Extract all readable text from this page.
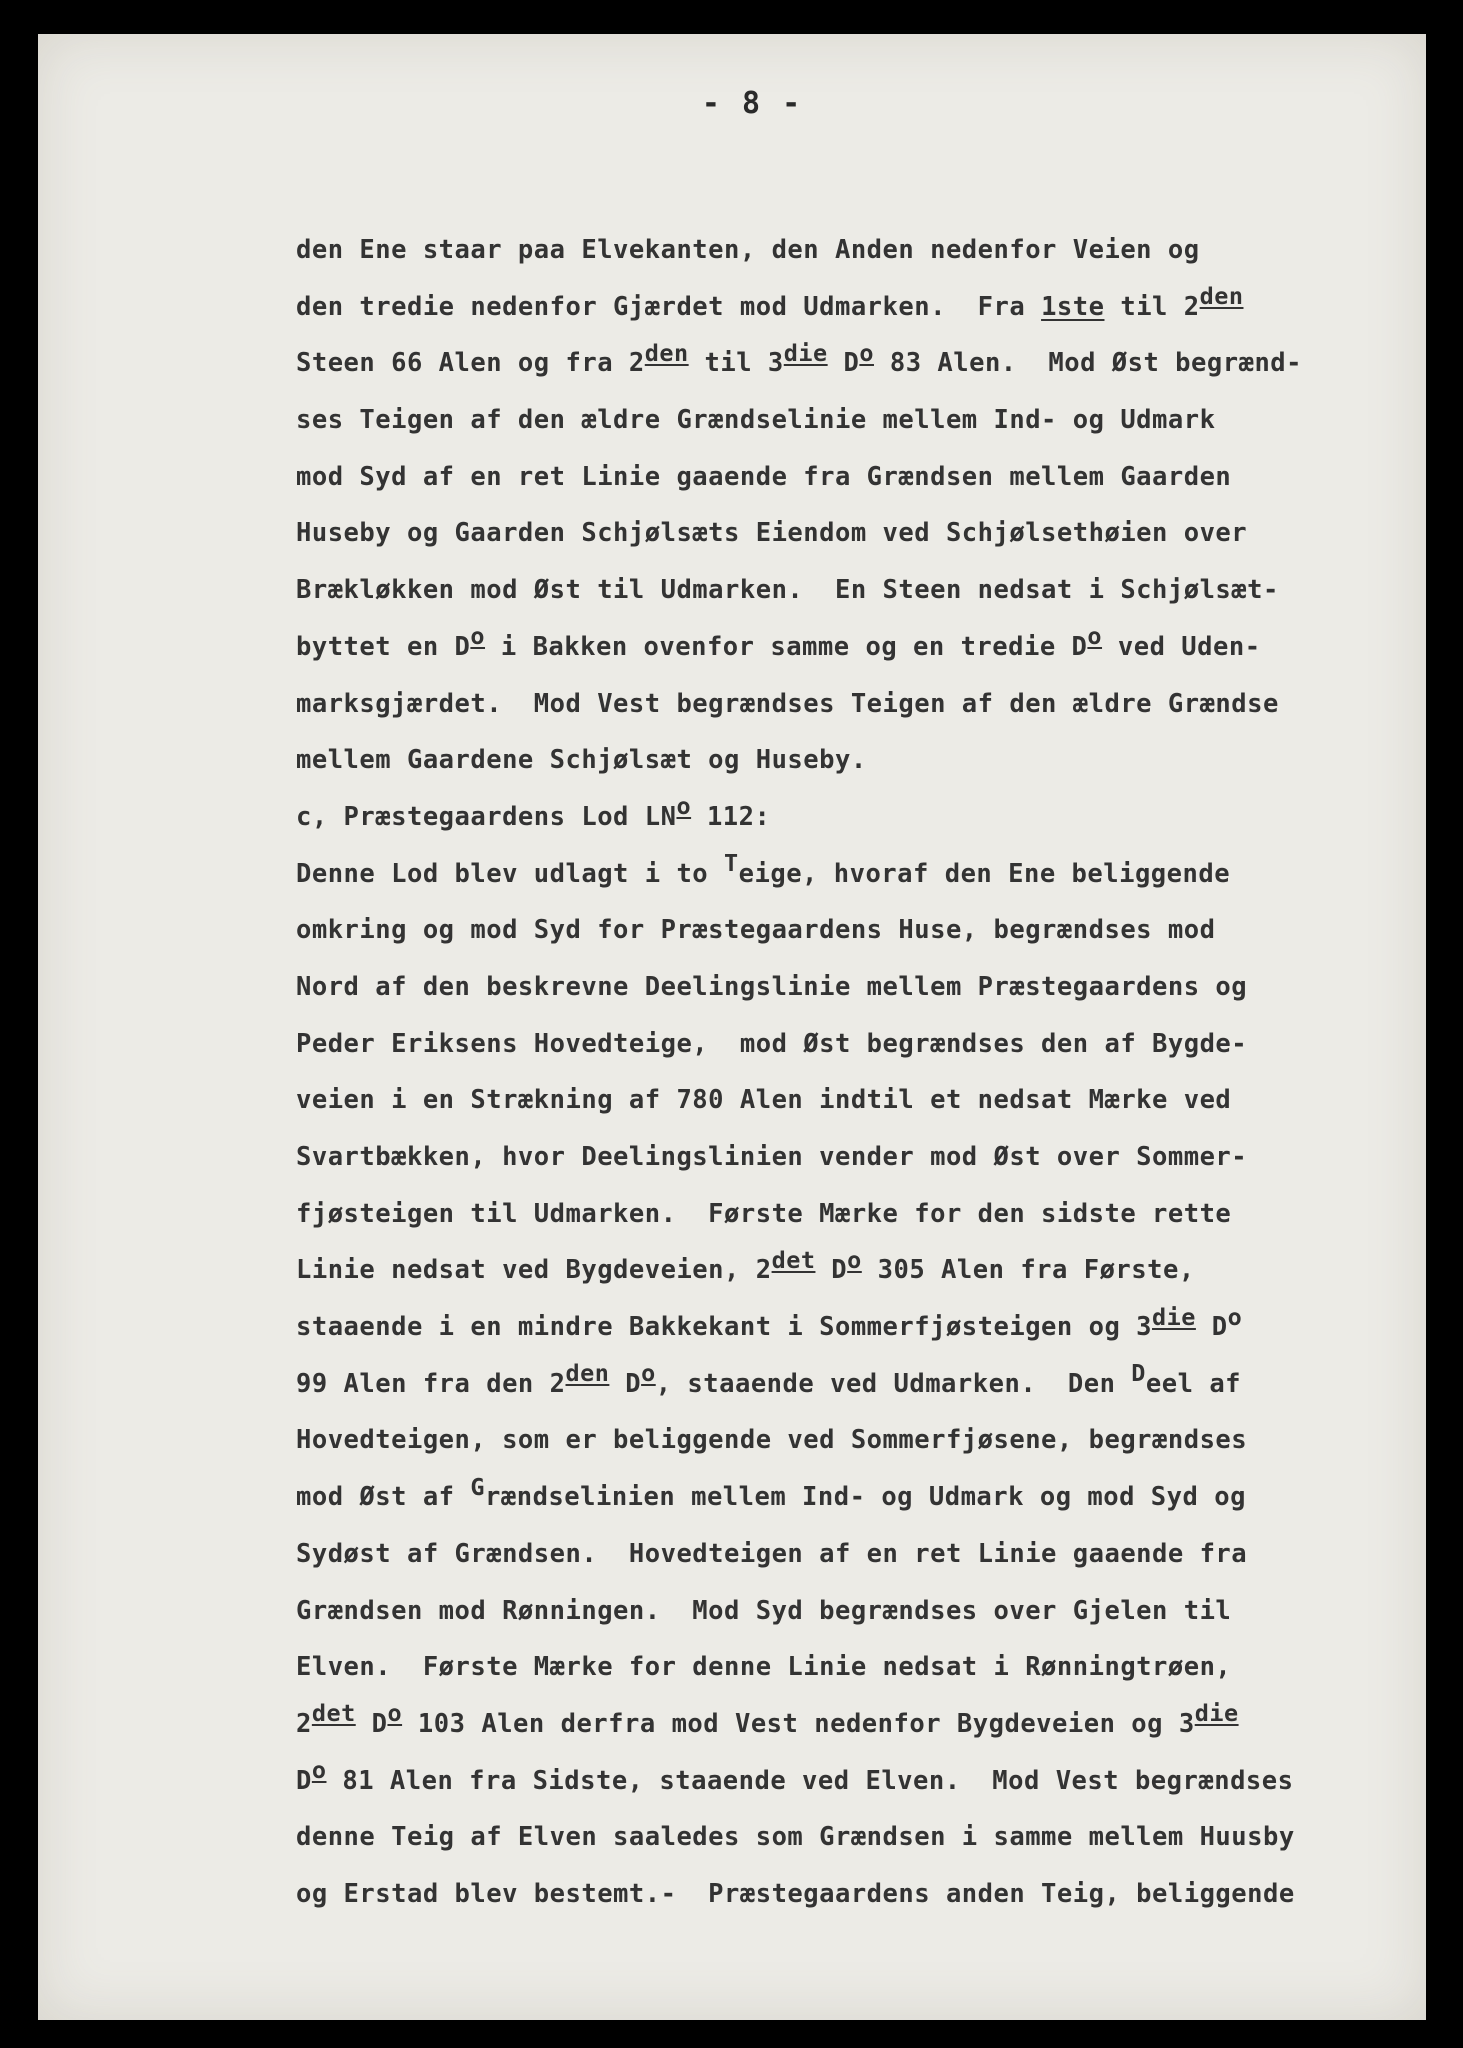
- 8 -
den Ene staar paa Elvekanten, den Anden nedenfor Veien og
den tredie nedenfor Gjærdet mod Udmarken.  Fra 1ste til 2den
Steen 66 Alen og fra 2den til 3die Do 83 Alen.  Mod Øst begrænd-
ses Teigen af den ældre Grændselinie mellem Ind- og Udmark
mod Syd af en ret Linie gaaende fra Grændsen mellem Gaarden
Huseby og Gaarden Schjølsæts Eiendom ved Schjølsethøien over
Brækløkken mod Øst til Udmarken.  En Steen nedsat i Schjølsæt-
byttet en Do i Bakken ovenfor samme og en tredie Do ved Uden-
marksgjærdet.  Mod Vest begrændses Teigen af den ældre Grændse
mellem Gaardene Schjølsæt og Huseby.
c, Præstegaardens Lod LNo 112:
Denne Lod blev udlagt i to Teige, hvoraf den Ene beliggende
omkring og mod Syd for Præstegaardens Huse, begrændses mod
Nord af den beskrevne Deelingslinie mellem Præstegaardens og
Peder Eriksens Hovedteige,  mod Øst begrændses den af Bygde-
veien i en Strækning af 780 Alen indtil et nedsat Mærke ved
Svartbækken, hvor Deelingslinien vender mod Øst over Sommer-
fjøsteigen til Udmarken.  Første Mærke for den sidste rette
Linie nedsat ved Bygdeveien, 2det Do 305 Alen fra Første,
staaende i en mindre Bakkekant i Sommerfjøsteigen og 3die Do
99 Alen fra den 2den Do, staaende ved Udmarken.  Den Deel af
Hovedteigen, som er beliggende ved Sommerfjøsene, begrændses
mod Øst af Grændselinien mellem Ind- og Udmark og mod Syd og
Sydøst af Grændsen.  Hovedteigen af en ret Linie gaaende fra
Grændsen mod Rønningen.  Mod Syd begrændses over Gjelen til
Elven.  Første Mærke for denne Linie nedsat i Rønningtrøen,
2det Do 103 Alen derfra mod Vest nedenfor Bygdeveien og 3die
Do 81 Alen fra Sidste, staaende ved Elven.  Mod Vest begrændses
denne Teig af Elven saaledes som Grændsen i samme mellem Huusby
og Erstad blev bestemt.-  Præstegaardens anden Teig, beliggende
